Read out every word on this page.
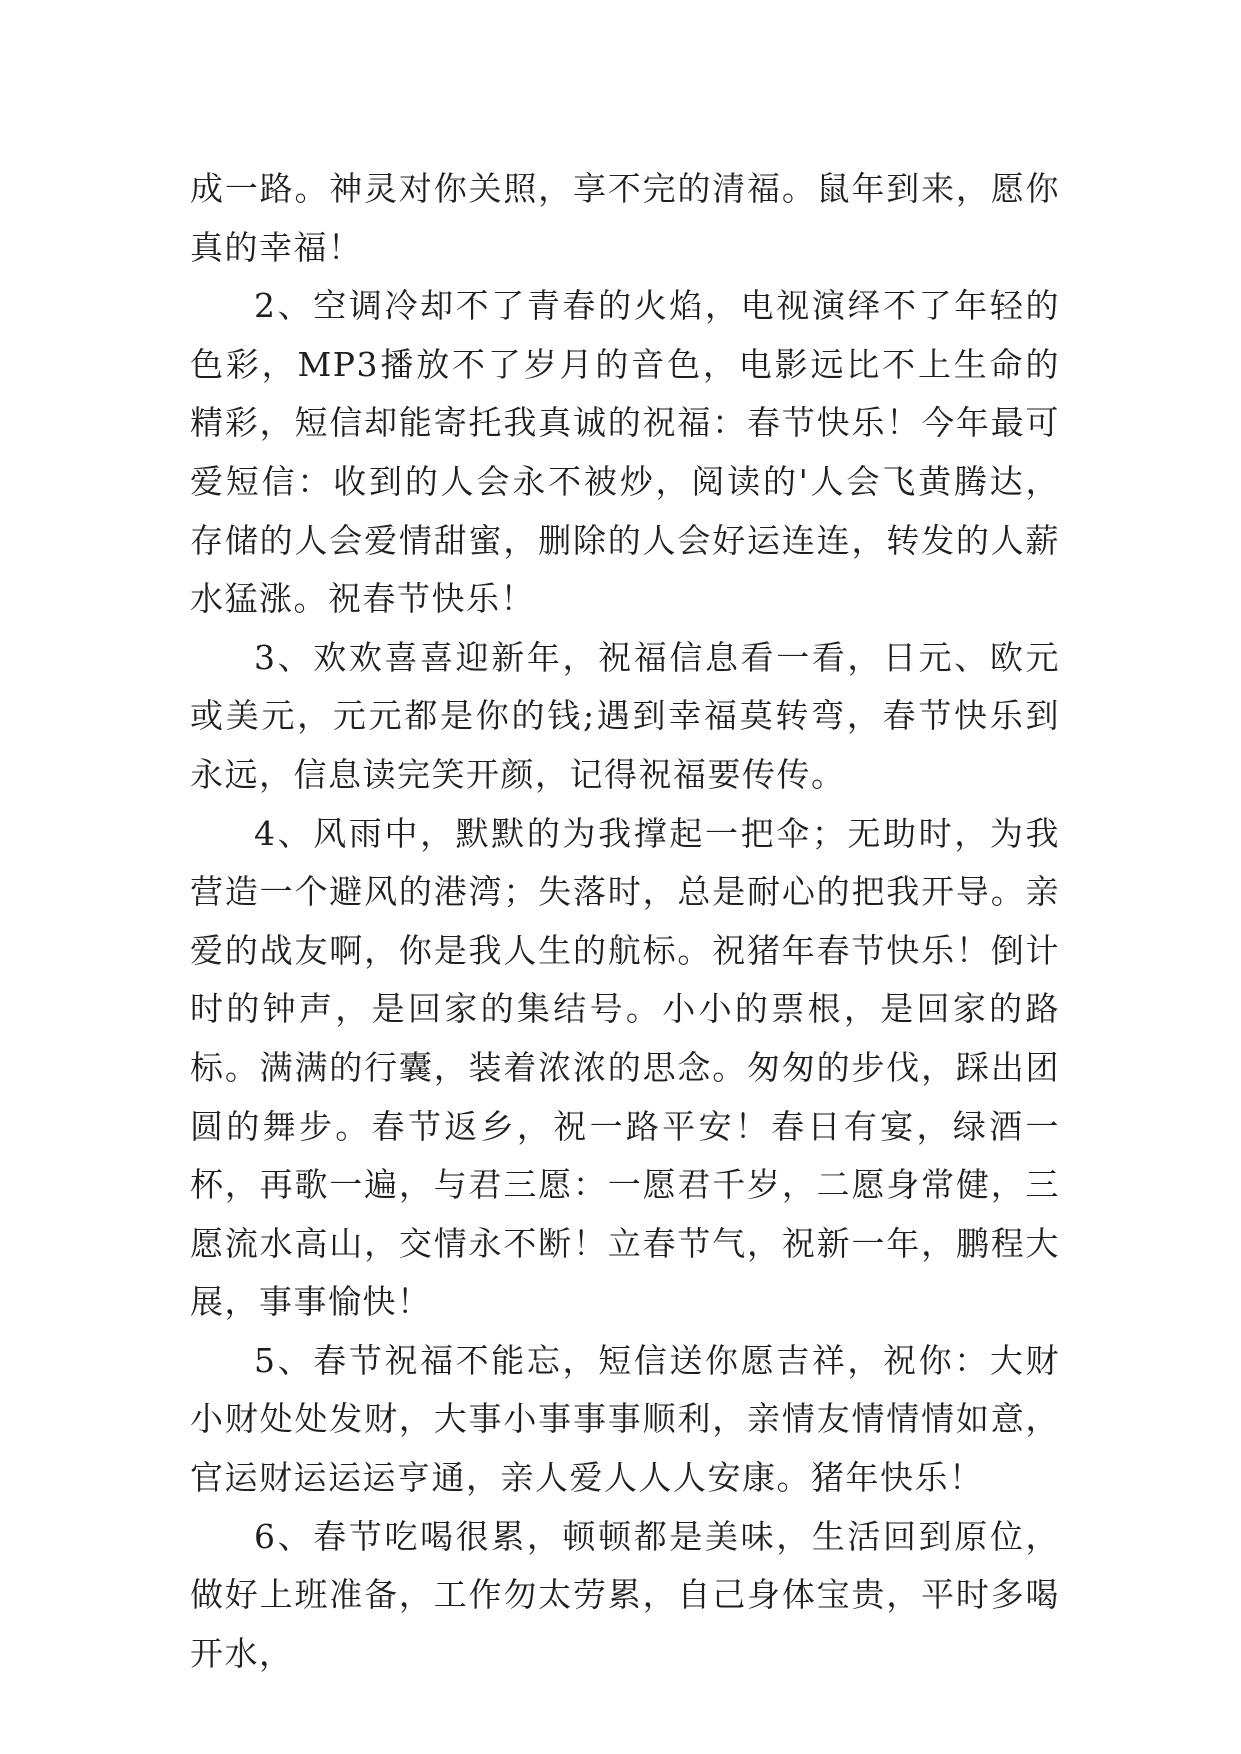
成一路。神灵对你关照，享不完的清福。鼠年到来，愿你真的幸福！

2、空调冷却不了青春的火焰，电视演绎不了年轻的色彩，MP3播放不了岁月的音色，电影远比不上生命的精彩，短信却能寄托我真诚的祝福：春节快乐！今年最可爱短信：收到的人会永不被炒，阅读的'人会飞黄腾达，存储的人会爱情甜蜜，删除的人会好运连连，转发的人薪水猛涨。祝春节快乐！

3、欢欢喜喜迎新年，祝福信息看一看，日元、欧元或美元，元元都是你的钱;遇到幸福莫转弯，春节快乐到永远，信息读完笑开颜，记得祝福要传传。

4、风雨中，默默的为我撑起一把伞；无助时，为我营造一个避风的港湾；失落时，总是耐心的把我开导。亲爱的战友啊，你是我人生的航标。祝猪年春节快乐！倒计时的钟声，是回家的集结号。小小的票根，是回家的路标。满满的行囊，装着浓浓的思念。匆匆的步伐，踩出团圆的舞步。春节返乡，祝一路平安！春日有宴，绿酒一杯，再歌一遍，与君三愿：一愿君千岁，二愿身常健，三愿流水高山，交情永不断！立春节气，祝新一年，鹏程大展，事事愉快！

5、春节祝福不能忘，短信送你愿吉祥，祝你：大财小财处处发财，大事小事事事顺利，亲情友情情情如意，官运财运运运亨通，亲人爱人人人安康。猪年快乐！

6、春节吃喝很累，顿顿都是美味，生活回到原位，做好上班准备，工作勿太劳累，自己身体宝贵，平时多喝开水，
